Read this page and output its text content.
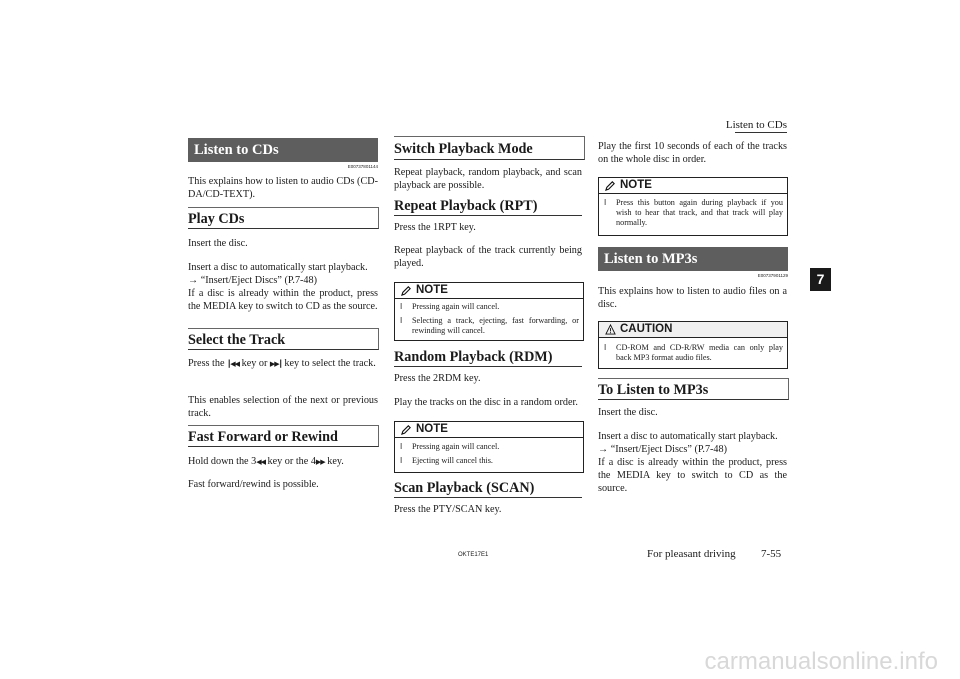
Listen to CDs
7
Listen to CDs
E00737801144

This explains how to listen to audio CDs (CD-DA/CD-TEXT).

Play CDs

Insert the disc.

Insert a disc to automatically start playback.

→ “Insert/Eject Discs” (P.7-48)

If a disc is already within the product, press the MEDIA key to switch to CD as the source.

Select the Track

Press the ┃◀◀ key or ▶▶┃ key to select the track.

This enables selection of the next or previous track.

Fast Forward or Rewind

Hold down the 3◀◀ key or the 4▶▶ key.

Fast forward/rewind is possible.

Switch Playback Mode

Repeat playback, random playback, and scan playback are possible.

Repeat Playback (RPT)

Press the 1RPT key.

Repeat playback of the track currently being played.

NOTE
l Pressing again will cancel.
l Selecting a track, ejecting, fast forwarding, or rewinding will cancel.
Random Playback (RDM)

Press the 2RDM key.

Play the tracks on the disc in a random order.

NOTE
l Pressing again will cancel.
l Ejecting will cancel this.
Scan Playback (SCAN)

Press the PTY/SCAN key.

Play the first 10 seconds of each of the tracks on the whole disc in order.

NOTE
l Press this button again during playback if you wish to hear that track, and that track will play normally.
Listen to MP3s
E00737901129

This explains how to listen to audio files on a disc.

CAUTION
l CD-ROM and CD-R/RW media can only play back MP3 format audio files.
To Listen to MP3s

Insert the disc.

Insert a disc to automatically start playback.

→ “Insert/Eject Discs” (P.7-48)

If a disc is already within the product, press the MEDIA key to switch to CD as the source.

OKTE17E1	For pleasant driving 7-55
carmanualsonline.info
